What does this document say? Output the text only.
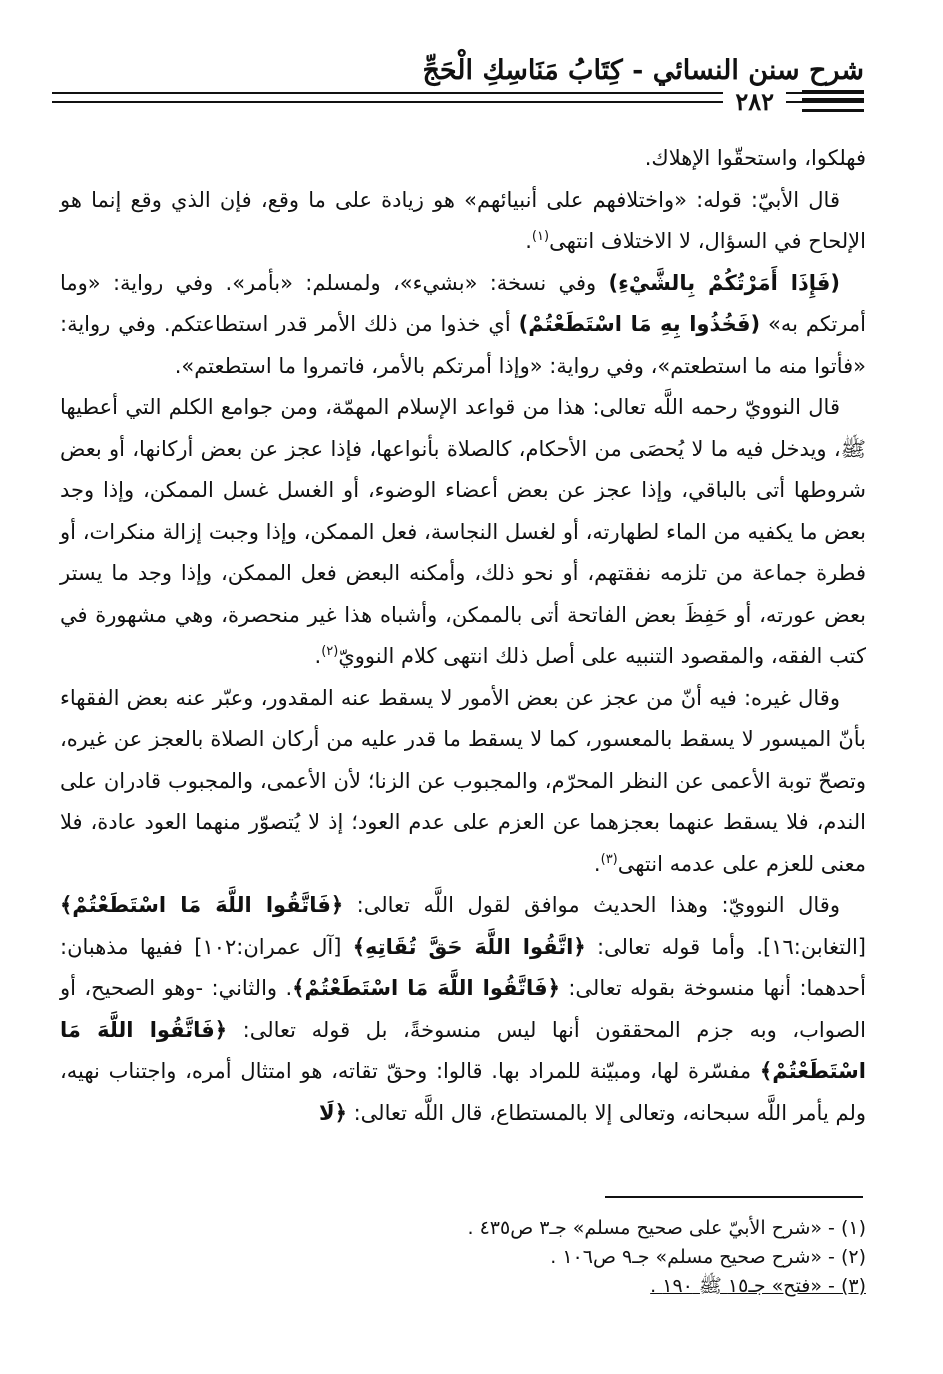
شرح سنن النسائي - كِتَابُ مَنَاسِكِ الْحَجِّ
٢٨٢

فهلكوا، واستحقّوا الإهلاك.

قال الأبيّ: قوله: «واختلافهم على أنبيائهم» هو زيادة على ما وقع، فإن الذي وقع إنما هو الإلحاح في السؤال، لا الاختلاف انتهى$^{(١)}$.

(فَإِذَا أَمَرْتُكُمْ بِالشَّيْءِ) وفي نسخة: «بشيء»، ولمسلم: «بأمر». وفي رواية: «وما أمرتكم به» (فَخُذُوا بِهِ مَا اسْتَطَعْتُمْ) أي خذوا من ذلك الأمر قدر استطاعتكم. وفي رواية: «فأتوا منه ما استطعتم»، وفي رواية: «وإذا أمرتكم بالأمر، فاتمروا ما استطعتم».

قال النوويّ رحمه اللَّه تعالى: هذا من قواعد الإسلام المهمّة، ومن جوامع الكلم التي أعطيها ﷺ، ويدخل فيه ما لا يُحصَى من الأحكام، كالصلاة بأنواعها، فإذا عجز عن بعض أركانها، أو بعض شروطها أتى بالباقي، وإذا عجز عن بعض أعضاء الوضوء، أو الغسل غسل الممكن، وإذا وجد بعض ما يكفيه من الماء لطهارته، أو لغسل النجاسة، فعل الممكن، وإذا وجبت إزالة منكرات، أو فطرة جماعة من تلزمه نفقتهم، أو نحو ذلك، وأمكنه البعض فعل الممكن، وإذا وجد ما يستر بعض عورته، أو حَفِظَ بعض الفاتحة أتى بالممكن، وأشباه هذا غير منحصرة، وهي مشهورة في كتب الفقه، والمقصود التنبيه على أصل ذلك انتهى كلام النوويّ$^{(٢)}$.

وقال غيره: فيه أنّ من عجز عن بعض الأمور لا يسقط عنه المقدور، وعبّر عنه بعض الفقهاء بأنّ الميسور لا يسقط بالمعسور، كما لا يسقط ما قدر عليه من أركان الصلاة بالعجز عن غيره، وتصحّ توبة الأعمى عن النظر المحرّم، والمجبوب عن الزنا؛ لأن الأعمى، والمجبوب قادران على الندم، فلا يسقط عنهما بعجزهما عن العزم على عدم العود؛ إذ لا يُتصوّر منهما العود عادة، فلا معنى للعزم على عدمه انتهى$^{(٣)}$.

وقال النوويّ: وهذا الحديث موافق لقول اللَّه تعالى: ﴿فَاتَّقُوا اللَّهَ مَا اسْتَطَعْتُمْ﴾ [التغابن:١٦]. وأما قوله تعالى: ﴿اتَّقُوا اللَّهَ حَقَّ تُقَاتِهِ﴾ [آل عمران:١٠٢] ففيها مذهبان: أحدهما: أنها منسوخة بقوله تعالى: ﴿فَاتَّقُوا اللَّهَ مَا اسْتَطَعْتُمْ﴾. والثاني: -وهو الصحيح، أو الصواب، وبه جزم المحققون أنها ليس منسوخةً، بل قوله تعالى: ﴿فَاتَّقُوا اللَّهَ مَا اسْتَطَعْتُمْ﴾ مفسّرة لها، ومبيّنة للمراد بها. قالوا: وحقّ تقاته، هو امتثال أمره، واجتناب نهيه، ولم يأمر اللَّه سبحانه، وتعالى إلا بالمستطاع، قال اللَّه تعالى: ﴿لَا

(١) - «شرح الأبيّ على صحيح مسلم» جـ٣ ص٤٣٥ .
(٢) - «شرح صحيح مسلم» جـ٩ ص١٠٦ .
(٣) - «فتح» جـ١٥ ﷺ ١٩٠ .
